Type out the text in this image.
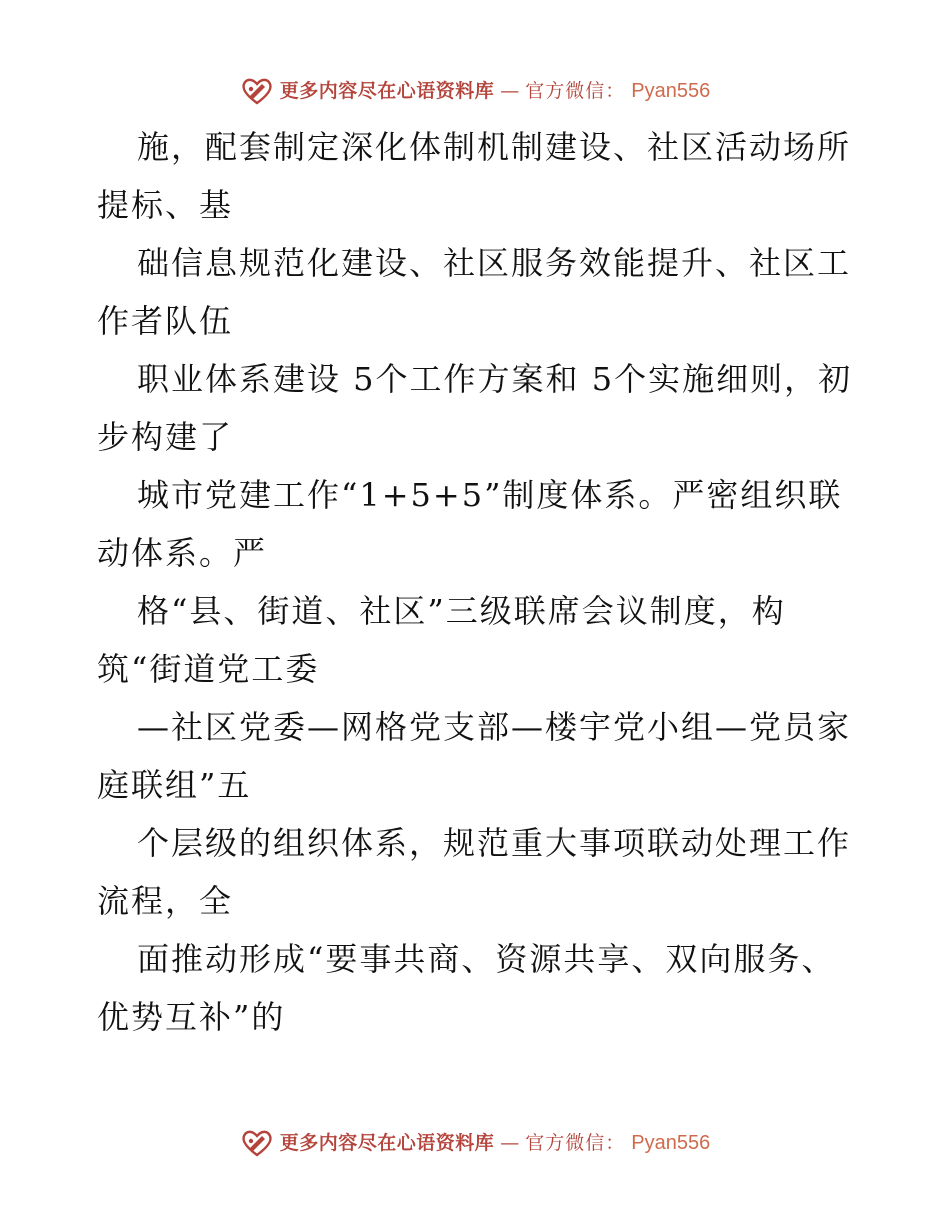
更多内容尽在心语资料库 — 官方微信： Pyan556

施，配套制定深化体制机制建设、社区活动场所提标、基

础信息规范化建设、社区服务效能提升、社区工作者队伍

职业体系建设 5个工作方案和 5个实施细则，初步构建了

城市党建工作“1+5+5”制度体系。严密组织联动体系。严

格“县、街道、社区”三级联席会议制度，构筑“街道党工委

—社区党委—网格党支部—楼宇党小组—党员家庭联组”五

个层级的组织体系，规范重大事项联动处理工作流程，全

面推动形成“要事共商、资源共享、双向服务、优势互补”的

更多内容尽在心语资料库 — 官方微信： Pyan556
